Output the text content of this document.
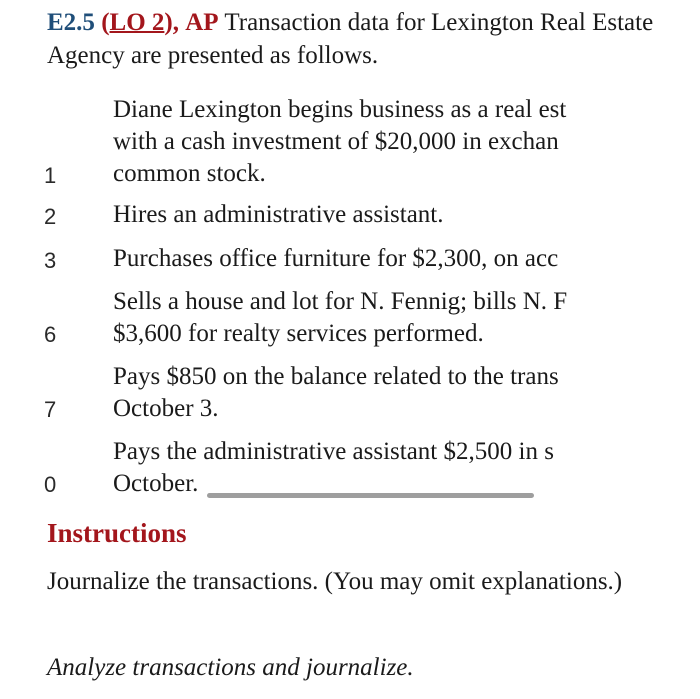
E2.5 (LO 2), AP Transaction data for Lexington Real Estate Agency are presented as follows.
1
Diane Lexington begins business as a real est
with a cash investment of $20,000 in exchan
common stock.
2 Hires an administrative assistant.
3 Purchases office furniture for $2,300, on acc
6
Sells a house and lot for N. Fennig; bills N. F
$3,600 for realty services performed.
7
Pays $850 on the balance related to the trans
October 3.
0
Pays the administrative assistant $2,500 in s
October.
Instructions
Journalize the transactions. (You may omit explanations.)
Analyze transactions and journalize.
